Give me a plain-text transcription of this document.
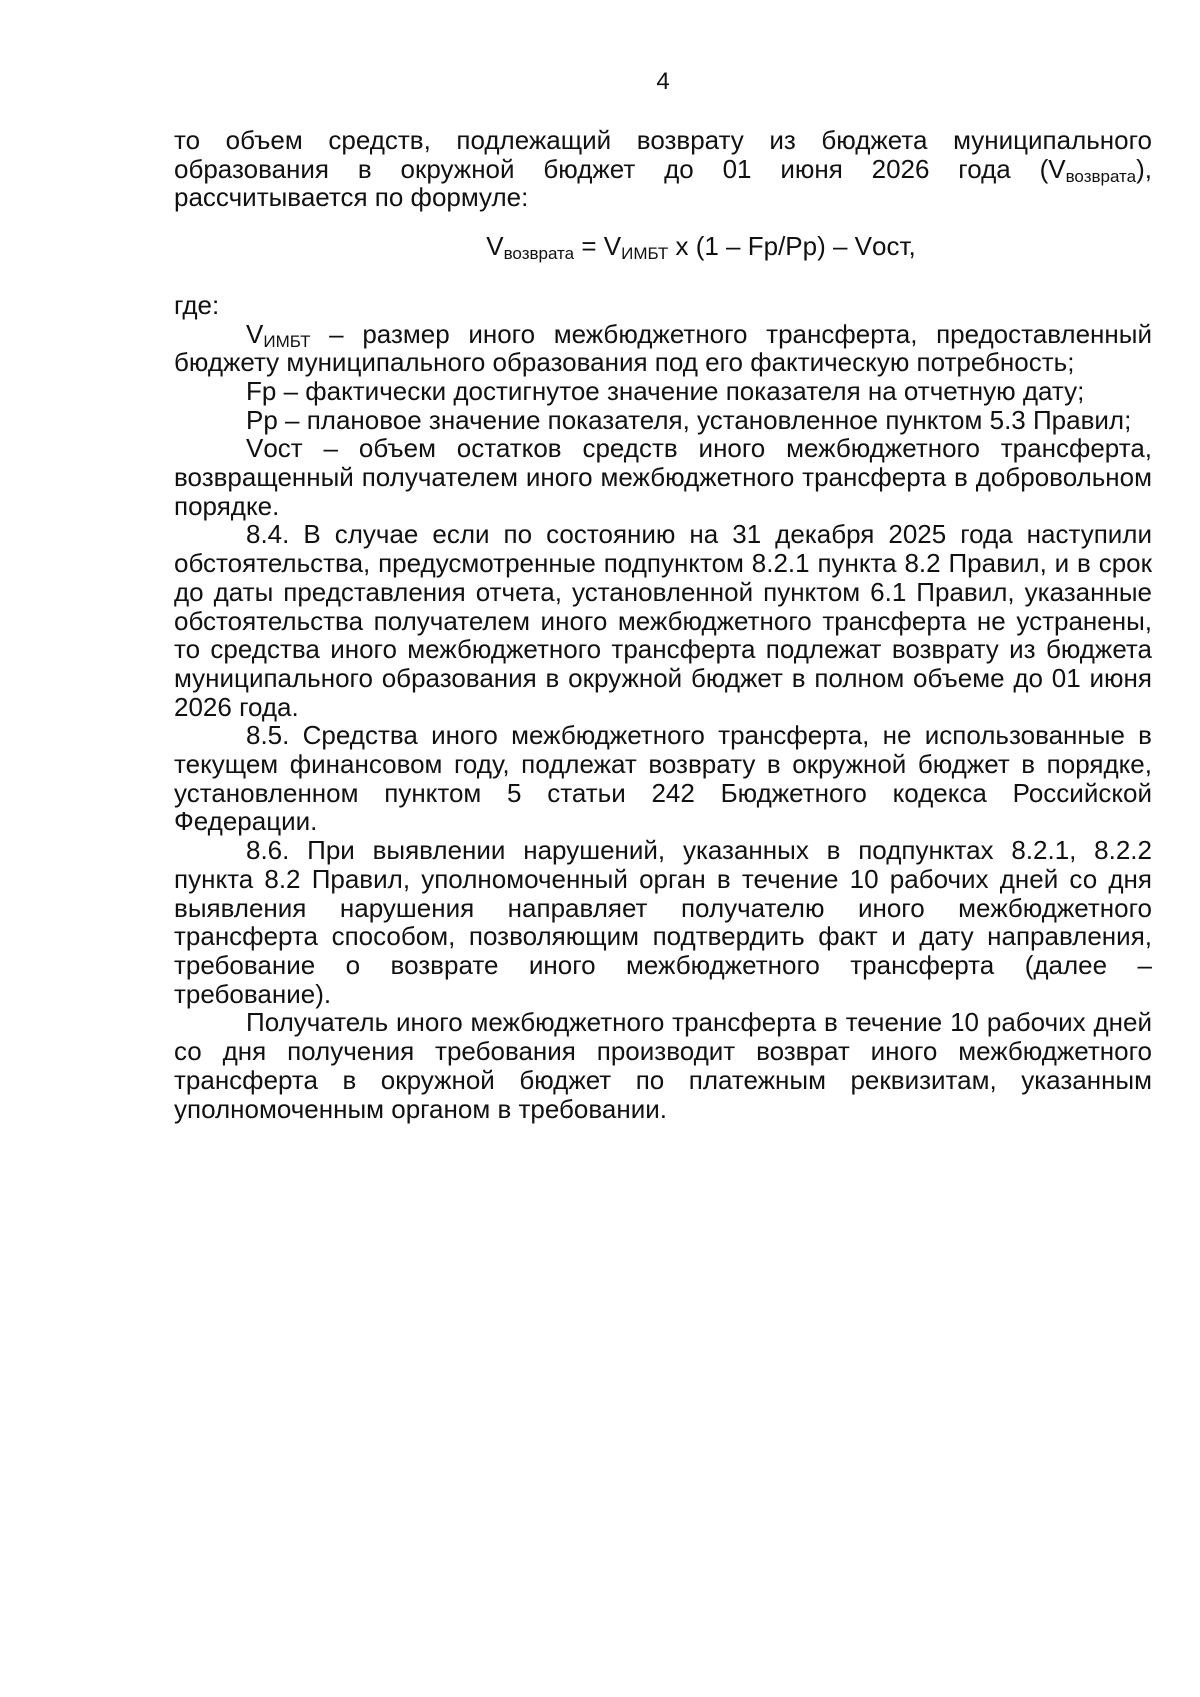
4

то объем средств, подлежащий возврату из бюджета муниципального образования в окружной бюджет до 01 июня 2026 года $(V_{возврата})$, рассчитывается по формуле:

$V_{возврата} = V_{ИМБТ}$ x (1 – Fp/Pp) – Vост,

где:

$V_{ИМБТ}$ – размер иного межбюджетного трансферта, предоставленный бюджету муниципального образования под его фактическую потребность;

Fp – фактически достигнутое значение показателя на отчетную дату;

Pp – плановое значение показателя, установленное пунктом 5.3 Правил;

Vост – объем остатков средств иного межбюджетного трансферта, возвращенный получателем иного межбюджетного трансферта в добровольном порядке.

8.4. В случае если по состоянию на 31 декабря 2025 года наступили обстоятельства, предусмотренные подпунктом 8.2.1 пункта 8.2 Правил, и в срок до даты представления отчета, установленной пунктом 6.1 Правил, указанные обстоятельства получателем иного межбюджетного трансферта не устранены, то средства иного межбюджетного трансферта подлежат возврату из бюджета муниципального образования в окружной бюджет в полном объеме до 01 июня 2026 года.

8.5. Средства иного межбюджетного трансферта, не использованные в текущем финансовом году, подлежат возврату в окружной бюджет в порядке, установленном пунктом 5 статьи 242 Бюджетного кодекса Российской Федерации.

8.6. При выявлении нарушений, указанных в подпунктах 8.2.1, 8.2.2 пункта 8.2 Правил, уполномоченный орган в течение 10 рабочих дней со дня выявления нарушения направляет получателю иного межбюджетного трансферта способом, позволяющим подтвердить факт и дату направления, требование о возврате иного межбюджетного трансферта (далее – требование).

Получатель иного межбюджетного трансферта в течение 10 рабочих дней со дня получения требования производит возврат иного межбюджетного трансферта в окружной бюджет по платежным реквизитам, указанным уполномоченным органом в требовании.
